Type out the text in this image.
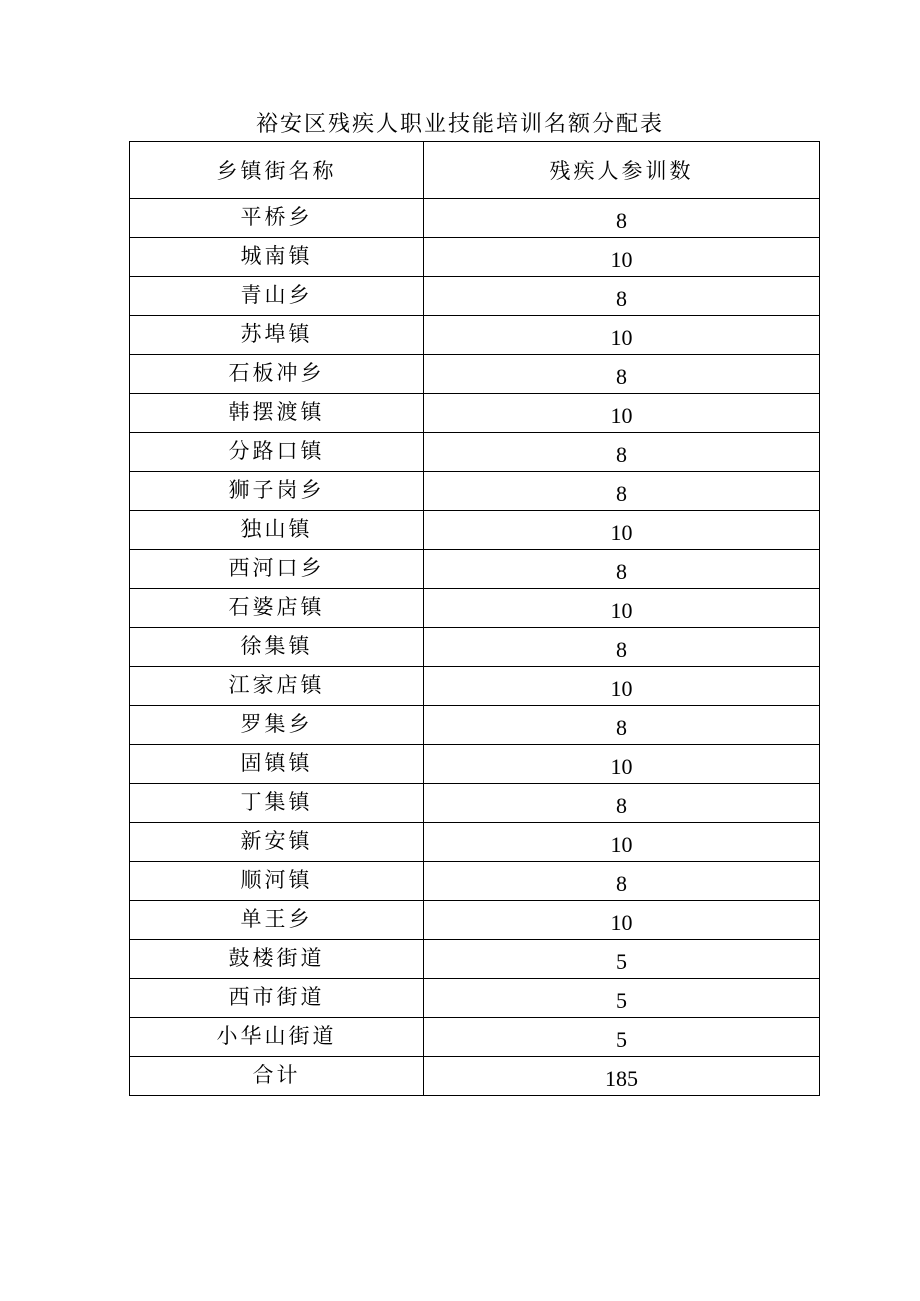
裕安区残疾人职业技能培训名额分配表
乡镇街名称	残疾人参训数
平桥乡	8
城南镇	10
青山乡	8
苏埠镇	10
石板冲乡	8
韩摆渡镇	10
分路口镇	8
狮子岗乡	8
独山镇	10
西河口乡	8
石婆店镇	10
徐集镇	8
江家店镇	10
罗集乡	8
固镇镇	10
丁集镇	8
新安镇	10
顺河镇	8
单王乡	10
鼓楼街道	5
西市街道	5
小华山街道	5
合计	185
